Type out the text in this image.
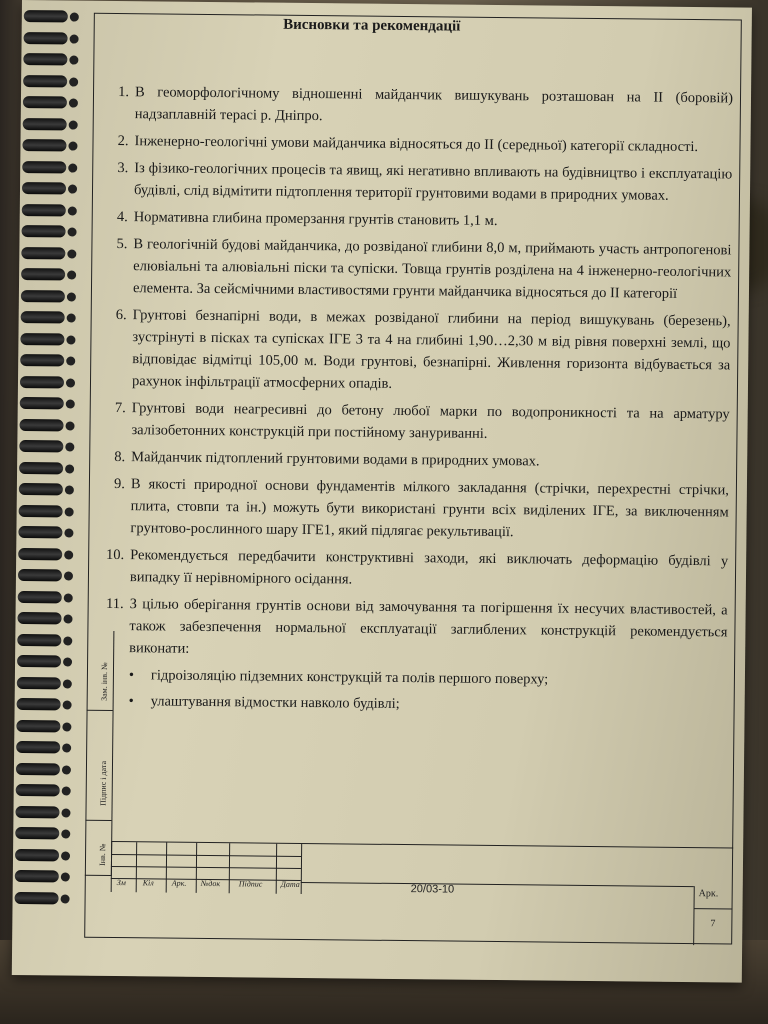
Висновки та рекомендації
1. В геоморфологічному відношенні майданчик вишукувань розташован на ІІ (боровій) надзаплавній терасі р. Дніпро.
2. Інженерно-геологічні умови майданчика відносяться до ІІ (середньої) категорії складності.
3. Із фізико-геологічних процесів та явищ, які негативно впливають на будівництво і експлуатацію будівлі, слід відмітити підтоплення території грунтовими водами в природних умовах.
4. Нормативна глибина промерзання грунтів становить 1,1 м.
5. В геологічній будові майданчика, до розвіданої глибини 8,0 м, приймають участь антропогенові елювіальні та алювіальні піски та супіски. Товща грунтів розділена на 4 інженерно-геологічних елемента. За сейсмічними властивостями грунти майданчика відносяться до ІІ категорії
6. Грунтові безнапірні води, в межах розвіданої глибини на період вишукувань (березень), зустрінуті в пісках та супісках ІГЕ 3 та 4 на глибині 1,90…2,30 м від рівня поверхні землі, що відповідає відмітці 105,00 м. Води грунтові, безнапірні. Живлення горизонта відбувається за рахунок інфільтрації атмосферних опадів.
7. Грунтові води неагресивні до бетону любої марки по водопроникності та на арматуру залізобетонних конструкцій при постійному зануриванні.
8. Майданчик підтоплений грунтовими водами в природних умовах.
9. В якості природної основи фундаментів мілкого закладання (стрічки, перехрестні стрічки, плита, стовпи та ін.) можуть бути використані грунти всіх виділених ІГЕ, за виключенням грунтово-рослинного шару ІГЕ1, який підлягає рекультивації.
10. Рекомендується передбачити конструктивні заходи, які виключать деформацію будівлі у випадку її нерівномірного осідання.
11. З цілью оберігання грунтів основи від замочування та погіршення їх несучих властивостей, а також забезпечення нормальної експлуатації заглиблених конструкцій рекомендується виконати:
•	гідроізоляцію підземних конструкцій та полів першого поверху;
•	улаштування відмостки навколо будівлі;
Зам. інв. №
Підпис і дата
Інв. №
Зм Кіл Арк. №док Підпис Дата	20/03-10	Арк.
7
